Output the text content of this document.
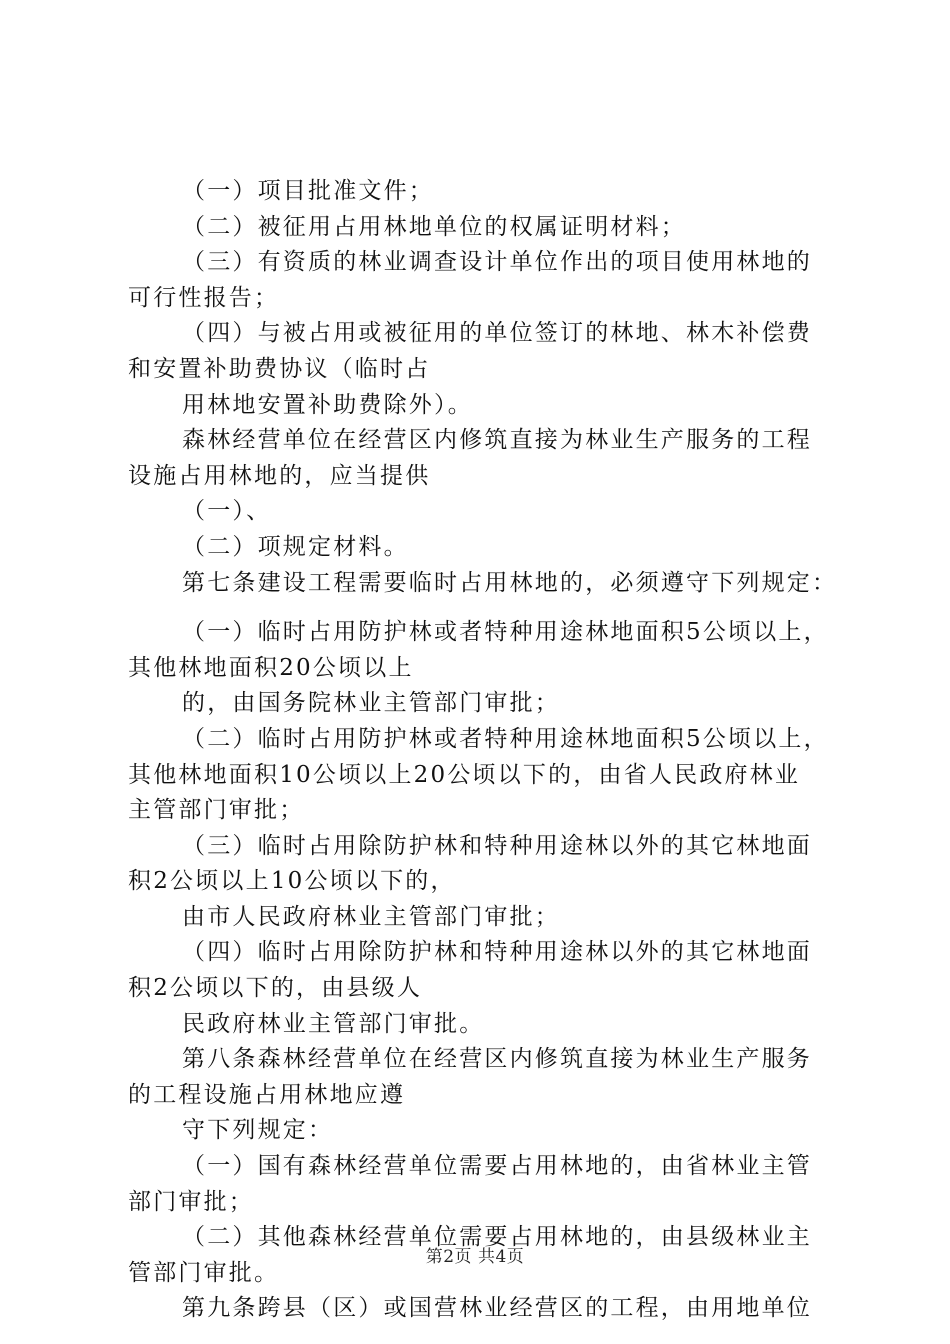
（一）项目批准文件；
（二）被征用占用林地单位的权属证明材料；
（三）有资质的林业调查设计单位作出的项目使用林地的
可行性报告；
（四）与被占用或被征用的单位签订的林地、林木补偿费
和安置补助费协议（临时占
用林地安置补助费除外）。
森林经营单位在经营区内修筑直接为林业生产服务的工程
设施占用林地的，应当提供
（一）、
（二）项规定材料。
第七条建设工程需要临时占用林地的，必须遵守下列规定：
（一）临时占用防护林或者特种用途林地面积5公顷以上，
其他林地面积20公顷以上
的，由国务院林业主管部门审批；
（二）临时占用防护林或者特种用途林地面积5公顷以上，
其他林地面积10公顷以上20公顷以下的，由省人民政府林业
主管部门审批；
（三）临时占用除防护林和特种用途林以外的其它林地面
积2公顷以上10公顷以下的，
由市人民政府林业主管部门审批；
（四）临时占用除防护林和特种用途林以外的其它林地面
积2公顷以下的，由县级人
民政府林业主管部门审批。
第八条森林经营单位在经营区内修筑直接为林业生产服务
的工程设施占用林地应遵
守下列规定：
（一）国有森林经营单位需要占用林地的，由省林业主管
部门审批；
（二）其他森林经营单位需要占用林地的，由县级林业主
管部门审批。
第九条跨县（区）或国营林业经营区的工程，由用地单位
第2页 共4页
